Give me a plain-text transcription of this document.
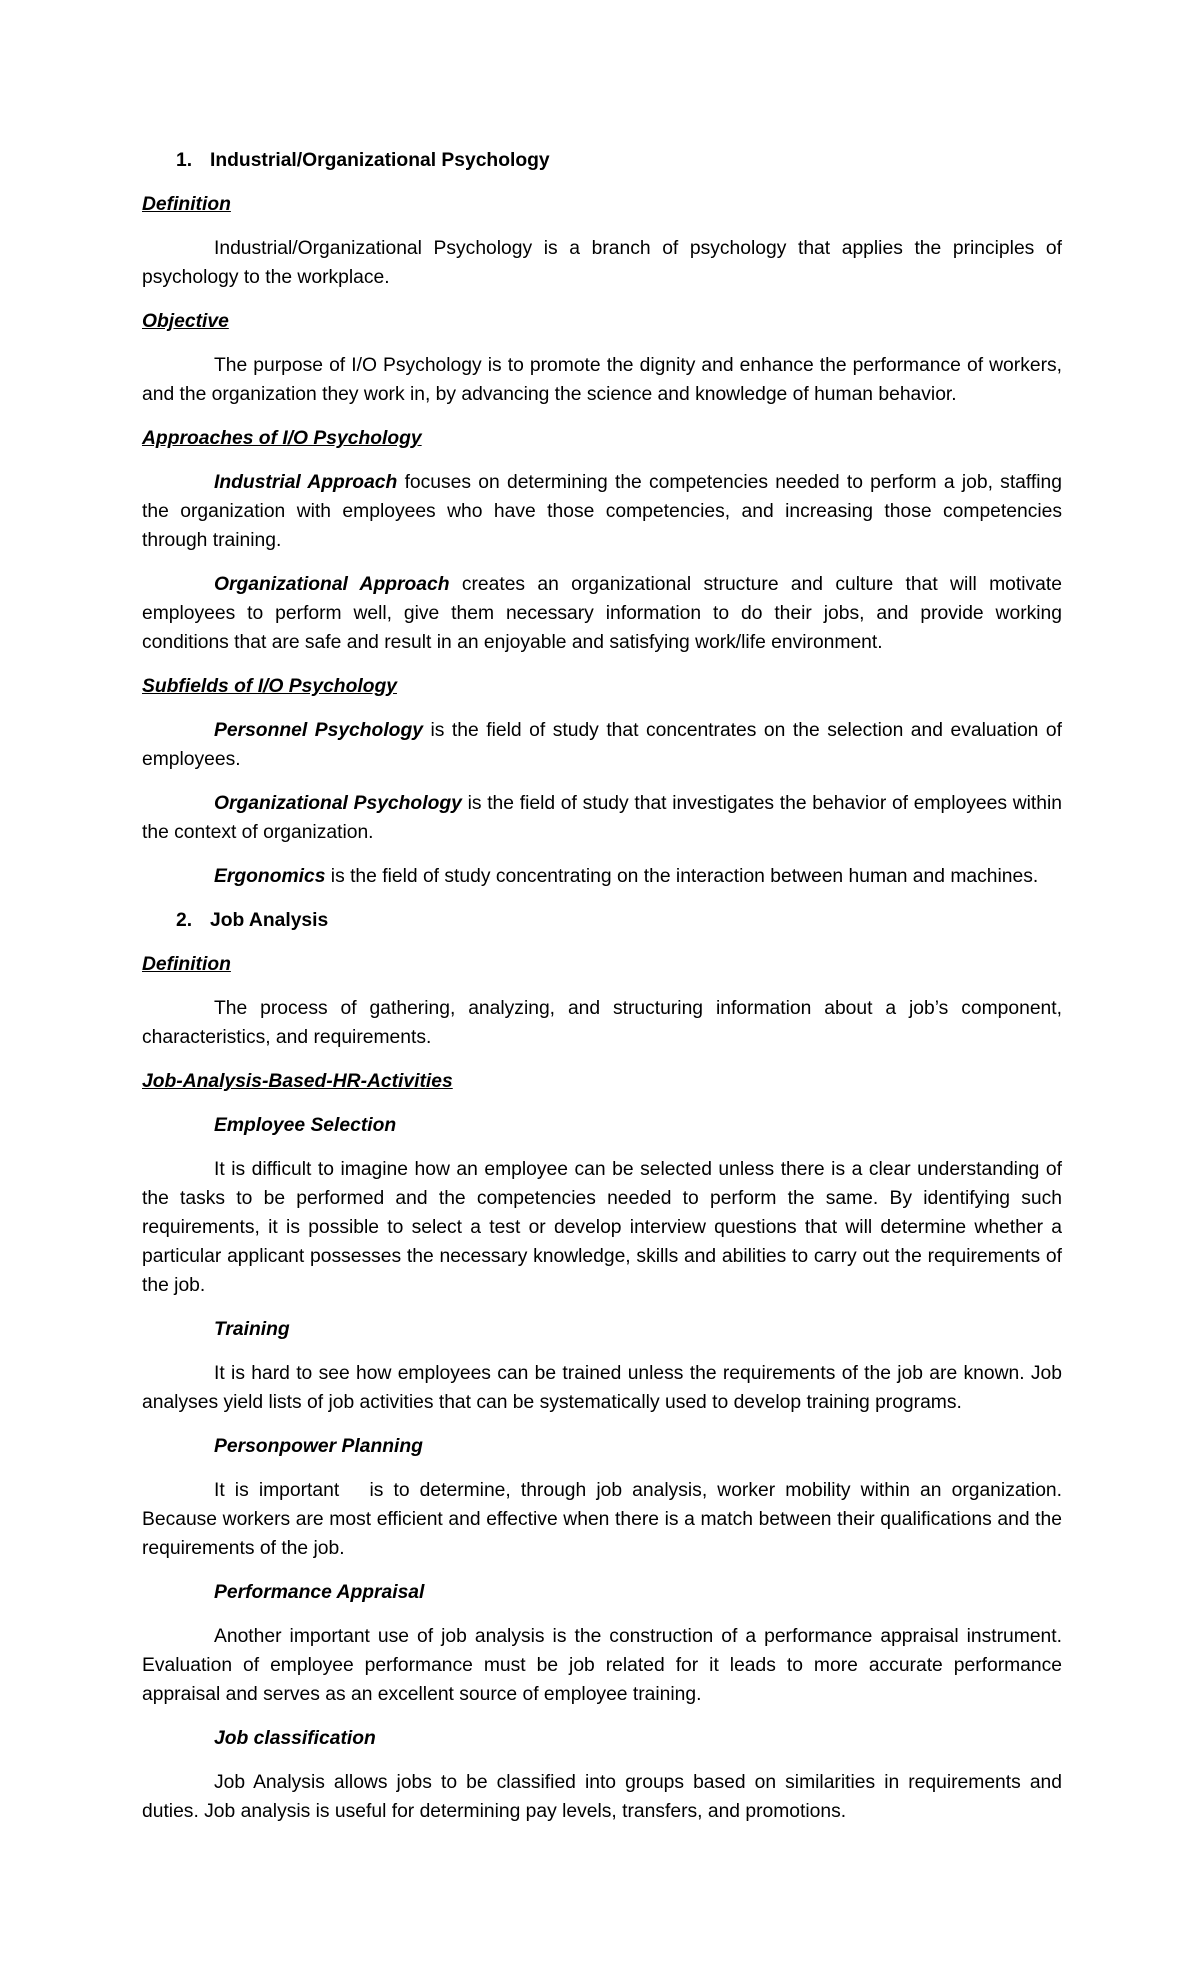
1. Industrial/Organizational Psychology

Definition

Industrial/Organizational Psychology is a branch of psychology that applies the principles of psychology to the workplace.

Objective

The purpose of I/O Psychology is to promote the dignity and enhance the performance of workers, and the organization they work in, by advancing the science and knowledge of human behavior.

Approaches of I/O Psychology

Industrial Approach focuses on determining the competencies needed to perform a job, staffing the organization with employees who have those competencies, and increasing those competencies through training.

Organizational Approach creates an organizational structure and culture that will motivate employees to perform well, give them necessary information to do their jobs, and provide working conditions that are safe and result in an enjoyable and satisfying work/life environment.

Subfields of I/O Psychology

Personnel Psychology is the field of study that concentrates on the selection and evaluation of employees.

Organizational Psychology is the field of study that investigates the behavior of employees within the context of organization.

Ergonomics is the field of study concentrating on the interaction between human and machines.

2. Job Analysis

Definition

The process of gathering, analyzing, and structuring information about a job’s component, characteristics, and requirements.

Job-Analysis-Based-HR-Activities

Employee Selection

It is difficult to imagine how an employee can be selected unless there is a clear understanding of the tasks to be performed and the competencies needed to perform the same. By identifying such requirements, it is possible to select a test or develop interview questions that will determine whether a particular applicant possesses the necessary knowledge, skills and abilities to carry out the requirements of the job.

Training

It is hard to see how employees can be trained unless the requirements of the job are known. Job analyses yield lists of job activities that can be systematically used to develop training programs.

Personpower Planning

It is important   is to determine, through job analysis, worker mobility within an organization. Because workers are most efficient and effective when there is a match between their qualifications and the requirements of the job.

Performance Appraisal

Another important use of job analysis is the construction of a performance appraisal instrument. Evaluation of employee performance must be job related for it leads to more accurate performance appraisal and serves as an excellent source of employee training.

Job classification

Job Analysis allows jobs to be classified into groups based on similarities in requirements and duties. Job analysis is useful for determining pay levels, transfers, and promotions.
